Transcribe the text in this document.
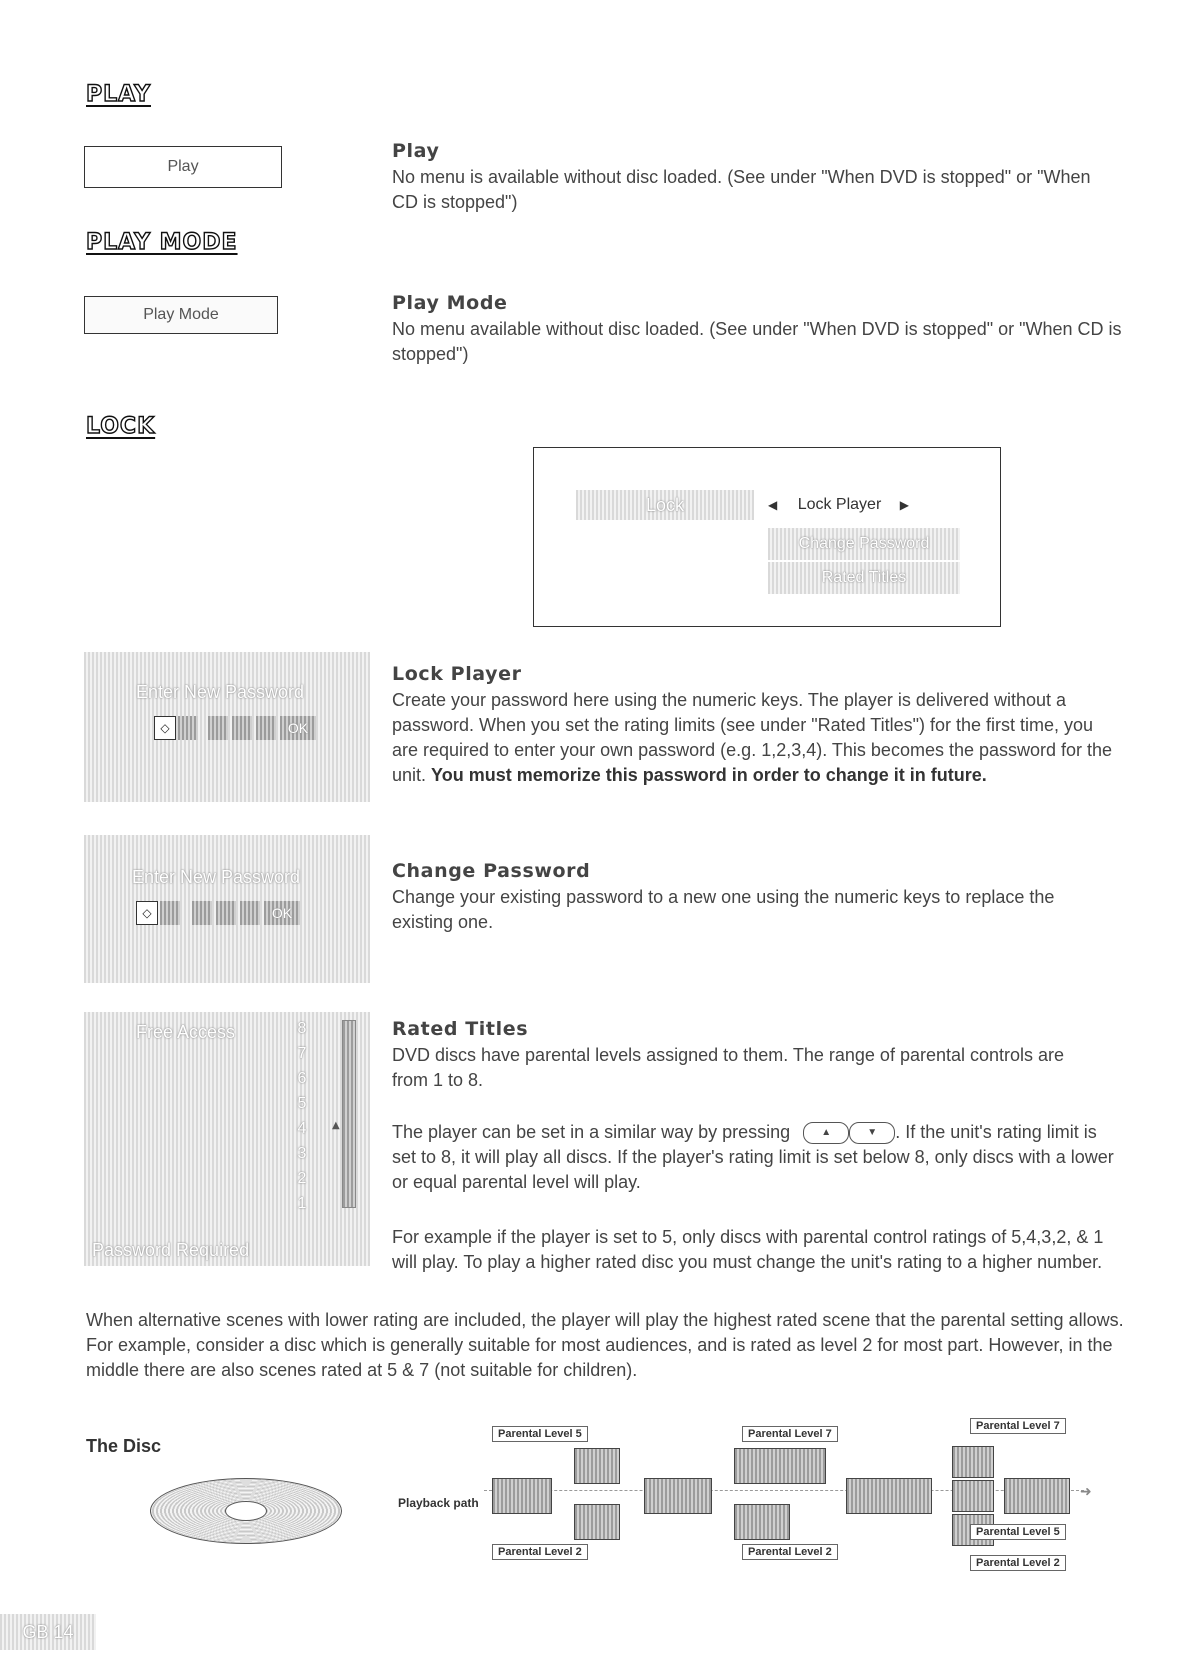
PLAY
Play
Play
No menu is available without disc loaded. (See under "When DVD is stopped" or "When CD is stopped")
PLAY MODE
Play Mode
Play Mode
No menu available without disc loaded. (See under "When DVD is stopped" or "When CD is stopped")
LOCK
Lock	◀ Lock Player ▶
Change Password
Rated Titles
Enter New Password
◇	OK
Lock Player
Create your password here using the numeric keys. The player is delivered without a password. When you set the rating limits (see under "Rated Titles") for the first time, you are required to enter your own password (e.g. 1,2,3,4). This becomes the password for the unit. You must memorize this password in order to change it in future.
Enter New Password
◇	OK
Change Password
Change your existing password to a new one using the numeric keys to replace the existing one.
Free Access	8
7
6
5
4
3
2
1
▲
Password Required
Rated Titles
DVD discs have parental levels assigned to them. The range of parental controls are from 1 to 8.
The player can be set in a similar way by pressing	▲	▼ . If the unit's rating limit is set to 8, it will play all discs. If the player's rating limit is set below 8, only discs with a lower or equal parental level will play.
For example if the player is set to 5, only discs with parental control ratings of 5,4,3,2, & 1 will play. To play a higher rated disc you must change the unit's rating to a higher number.
When alternative scenes with lower rating are included, the player will play the highest rated scene that the parental setting allows. For example, consider a disc which is generally suitable for most audiences, and is rated as level 2 for most part. However, in the middle there are also scenes rated at 5 & 7 (not suitable for children).
The Disc
Playback path
➜
Parental Level 5
Parental Level 2
Parental Level 7
Parental Level 2
Parental Level 7
Parental Level 5
Parental Level 2
GB 14
